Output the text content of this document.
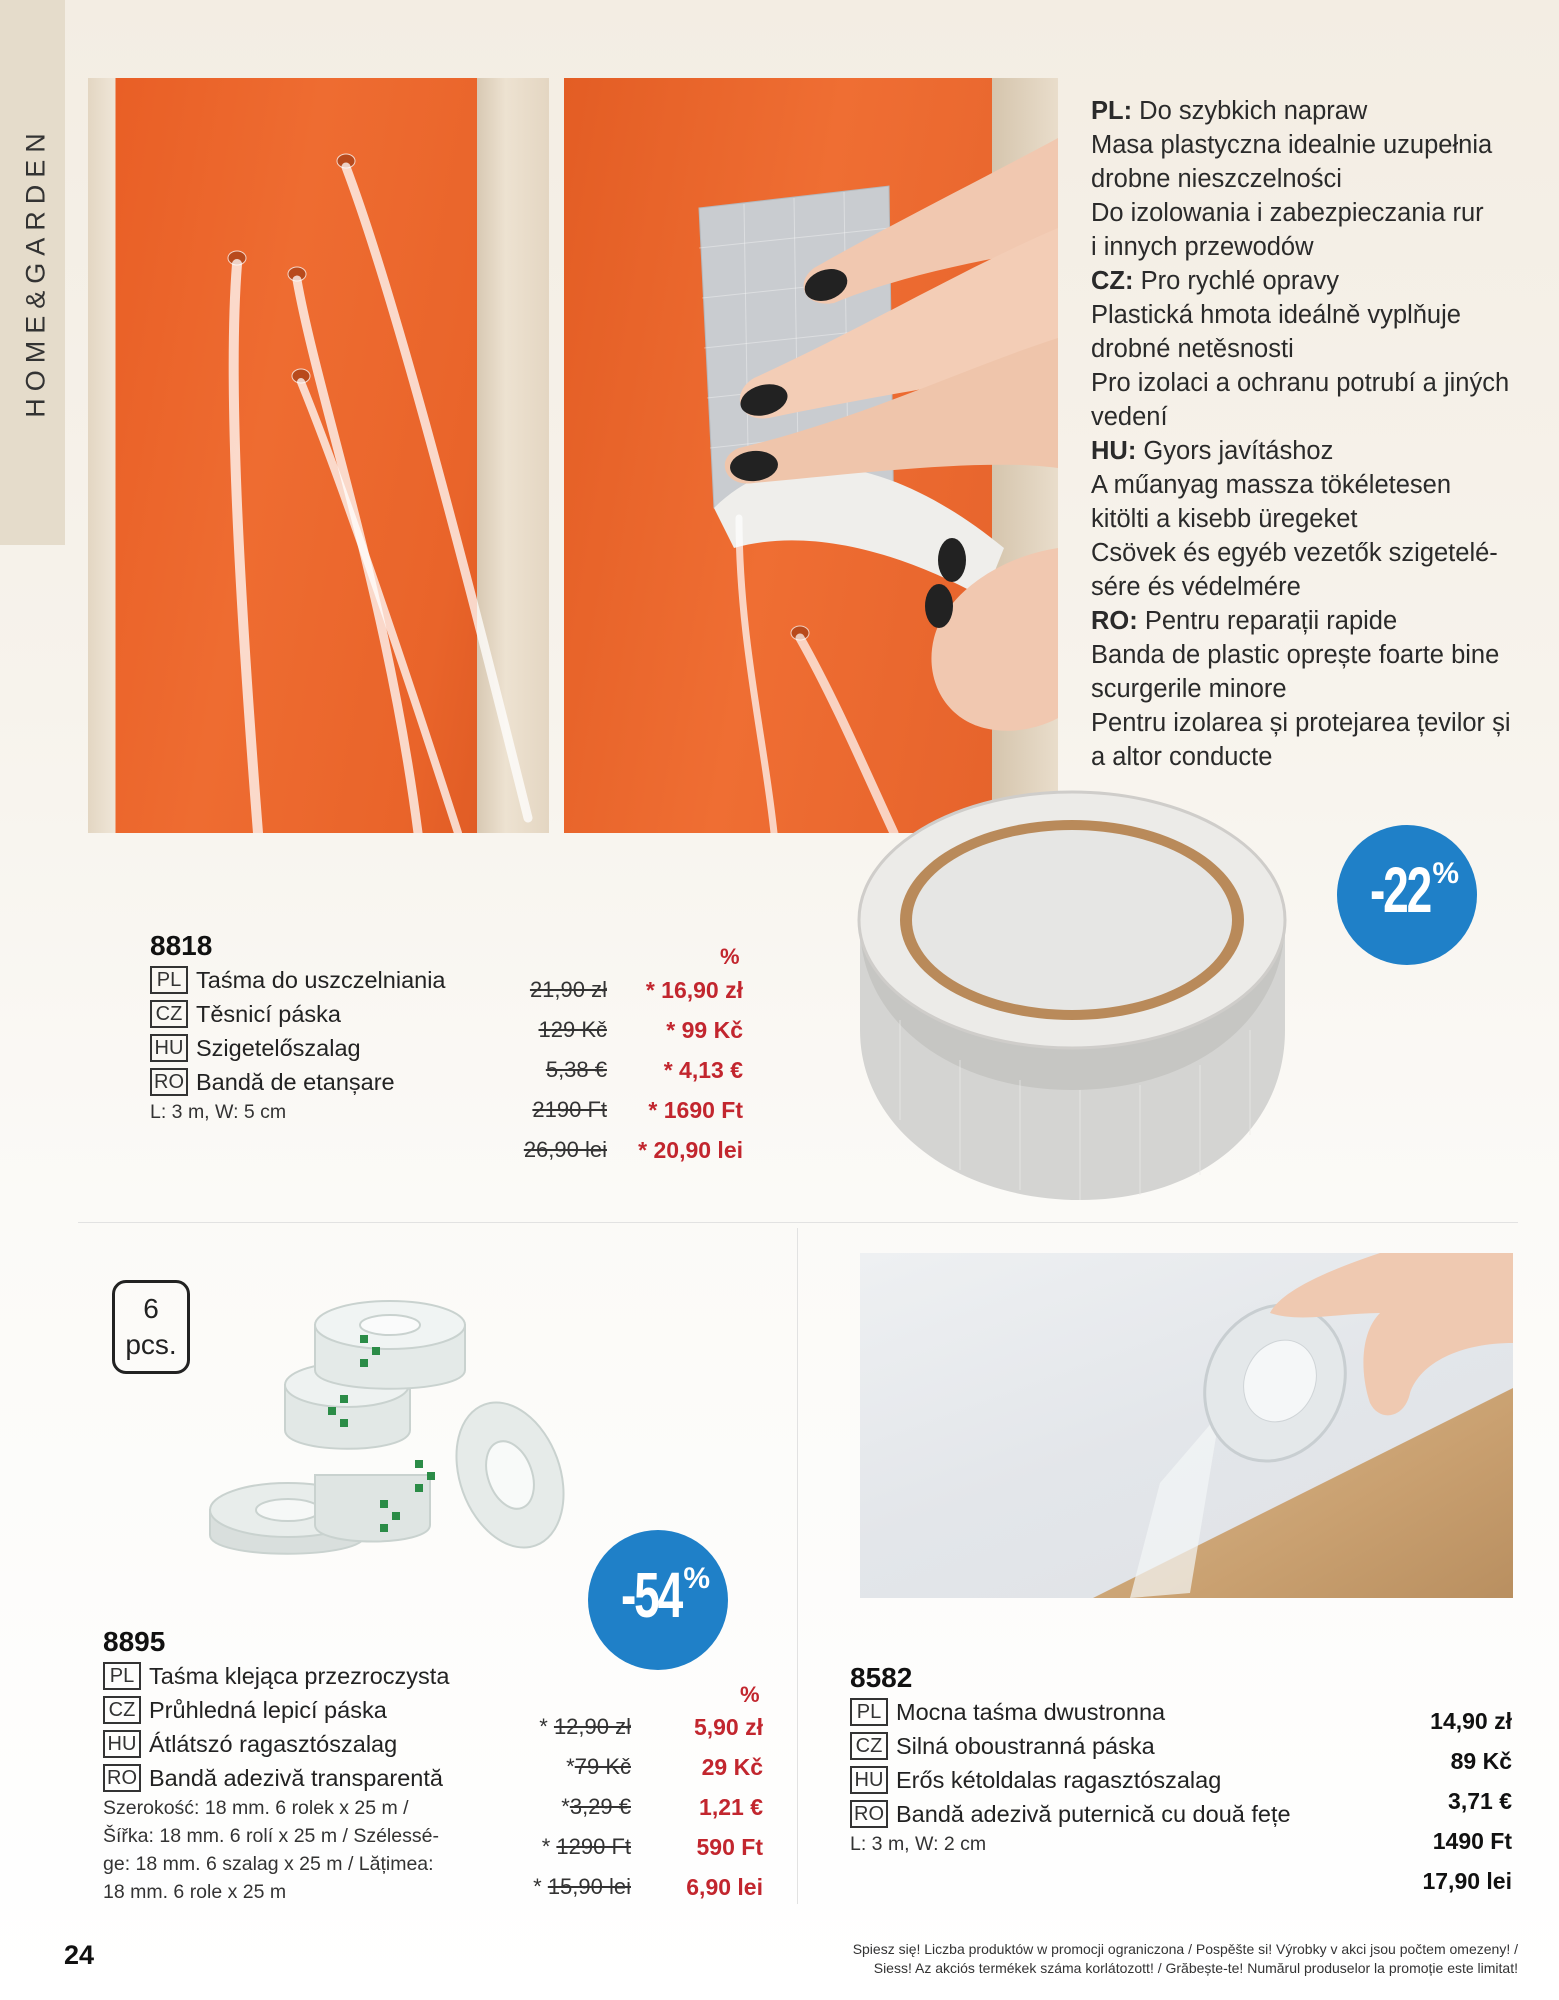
HOME&GARDEN

PL: Do szybkich napraw

Masa plastyczna idealnie uzupełnia

drobne nieszczelności

Do izolowania i zabezpieczania rur

i innych przewodów

CZ: Pro rychlé opravy

Plastická hmota ideálně vyplňuje

drobné netěsnosti

Pro izolaci a ochranu potrubí a jiných

vedení

HU: Gyors javításhoz

A műanyag massza tökéletesen

kitölti a kisebb üregeket

Csövek és egyéb vezetők szigetelé-

sére és védelmére

RO: Pentru reparații rapide

Banda de plastic oprește foarte bine

scurgerile minore

Pentru izolarea și protejarea țevilor și

a altor conducte

-22 %
8818
PL Taśma do uszczelniania
CZ Těsnicí páska
HU Szigetelőszalag
RO Bandă de etanșare
L: 3 m, W: 5 cm
%
21,90 zł
129 Kč
5,38 €
2190 Ft
26,90 lei
* 16,90 zł
* 99 Kč
* 4,13 €
* 1690 Ft
* 20,90 lei
6
pcs.
-54 %
8895
PL Taśma klejąca przezroczysta
CZ Průhledná lepicí páska
HU Átlátszó ragasztószalag
RO Bandă adezivă transparentă
Szerokość: 18 mm. 6 rolek x 25 m /
Šířka: 18 mm. 6 rolí x 25 m / Szélessé-
ge: 18 mm. 6 szalag x 25 m / Lățimea:
18 mm. 6 role x 25 m
%
* 12,90 zł
*79 Kč
*3,29 €
* 1290 Ft
* 15,90 lei
5,90 zł
29 Kč
1,21 €
590 Ft
6,90 lei
8582
PL Mocna taśma dwustronna
CZ Silná oboustranná páska
HU Erős kétoldalas ragasztószalag
RO Bandă adezivă puternică cu două fețe
L: 3 m, W: 2 cm
14,90 zł
89 Kč
3,71 €
1490 Ft
17,90 lei
24	Spiesz się! Liczba produktów w promocji ograniczona / Pospěšte si! Výrobky v akci jsou počtem omezeny! /
Siess! Az akciós termékek száma korlátozott! / Grăbește-te! Numărul produselor la promoție este limitat!
